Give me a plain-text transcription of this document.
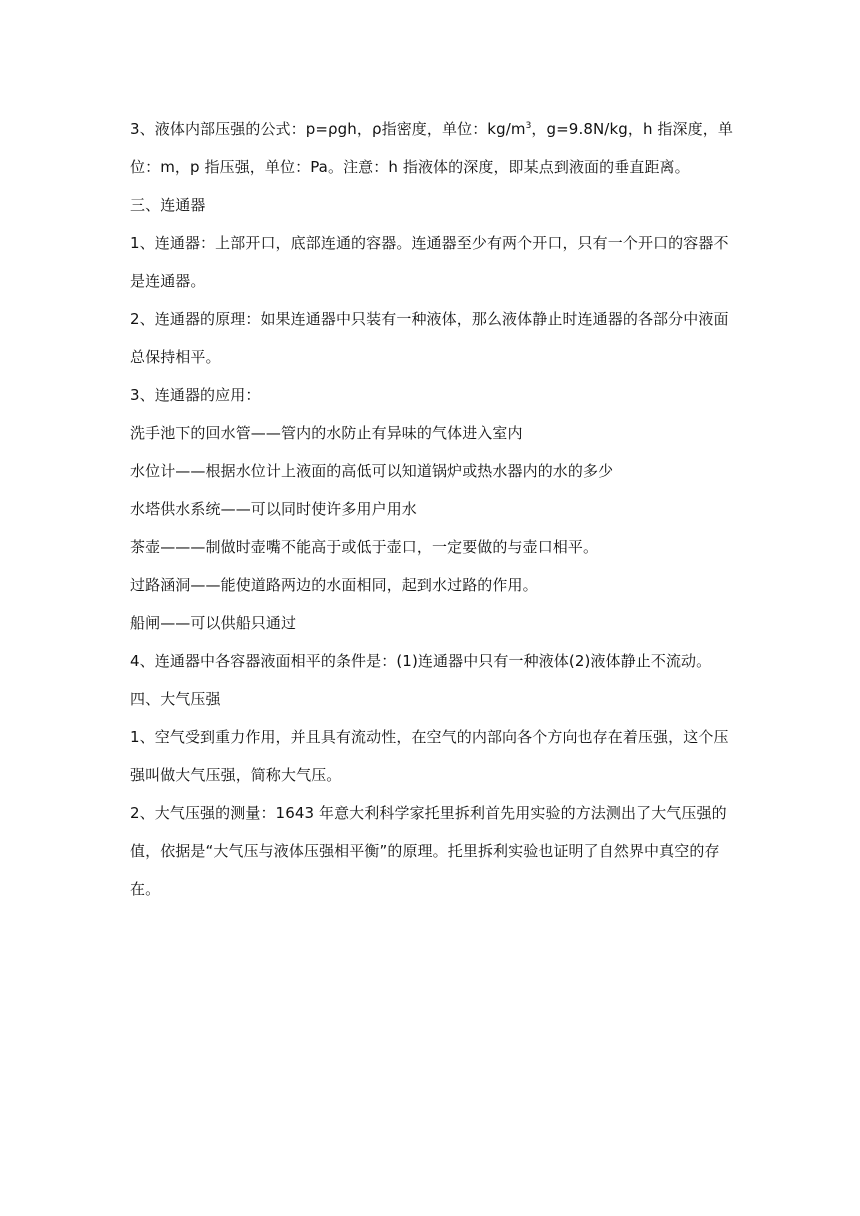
3、液体内部压强的公式：p=ρgh，ρ指密度，单位：$kg/m^3$，g=9.8N/kg，h 指深度，单
位：m，p 指压强，单位：Pa。注意：h 指液体的深度，即某点到液面的垂直距离。
三、连通器
1、连通器：上部开口，底部连通的容器。连通器至少有两个开口，只有一个开口的容器不
是连通器。
2、连通器的原理：如果连通器中只装有一种液体，那么液体静止时连通器的各部分中液面
总保持相平。
3、连通器的应用：
洗手池下的回水管——管内的水防止有异味的气体进入室内
水位计——根据水位计上液面的高低可以知道锅炉或热水器内的水的多少
水塔供水系统——可以同时使许多用户用水
茶壶———制做时壶嘴不能高于或低于壶口，一定要做的与壶口相平。
过路涵洞——能使道路两边的水面相同，起到水过路的作用。
船闸——可以供船只通过
4、连通器中各容器液面相平的条件是：(1)连通器中只有一种液体(2)液体静止不流动。
四、大气压强
1、空气受到重力作用，并且具有流动性，在空气的内部向各个方向也存在着压强，这个压
强叫做大气压强，简称大气压。
2、大气压强的测量：1643 年意大利科学家托里拆利首先用实验的方法测出了大气压强的
值，依据是“大气压与液体压强相平衡”的原理。托里拆利实验也证明了自然界中真空的存
在。
